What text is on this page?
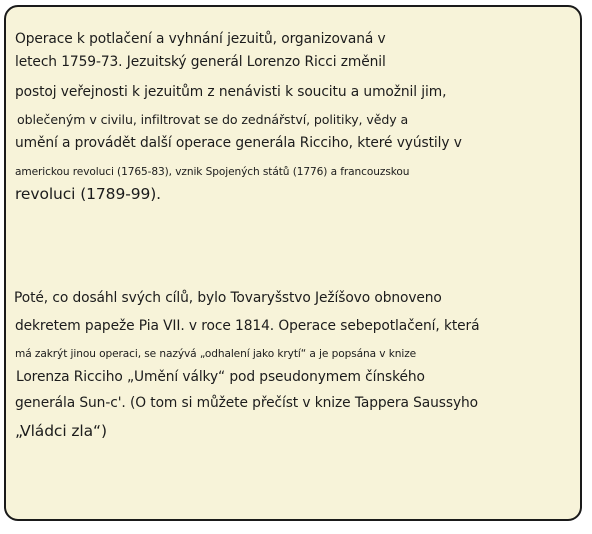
Operace k potlačení a vyhnání jezuitů, organizovaná v
letech 1759-73. Jezuitský generál Lorenzo Ricci změnil
postoj veřejnosti k jezuitům z nenávisti k soucitu a umožnil jim,
oblečeným v civilu, infiltrovat se do zednářství, politiky, vědy a
umění a provádět další operace generála Ricciho, které vyústily v
americkou revoluci (1765-83), vznik Spojených států (1776) a francouzskou
revoluci (1789-99).
Poté, co dosáhl svých cílů, bylo Tovaryšstvo Ježíšovo obnoveno
dekretem papeže Pia VII. v roce 1814. Operace sebepotlačení, která
má zakrýt jinou operaci, se nazývá „odhalení jako krytí“ a je popsána v knize
Lorenza Ricciho „Umění války“ pod pseudonymem čínského
generála Sun-c'. (O tom si můžete přečíst v knize Tappera Saussyho
„Vládci zla“)
